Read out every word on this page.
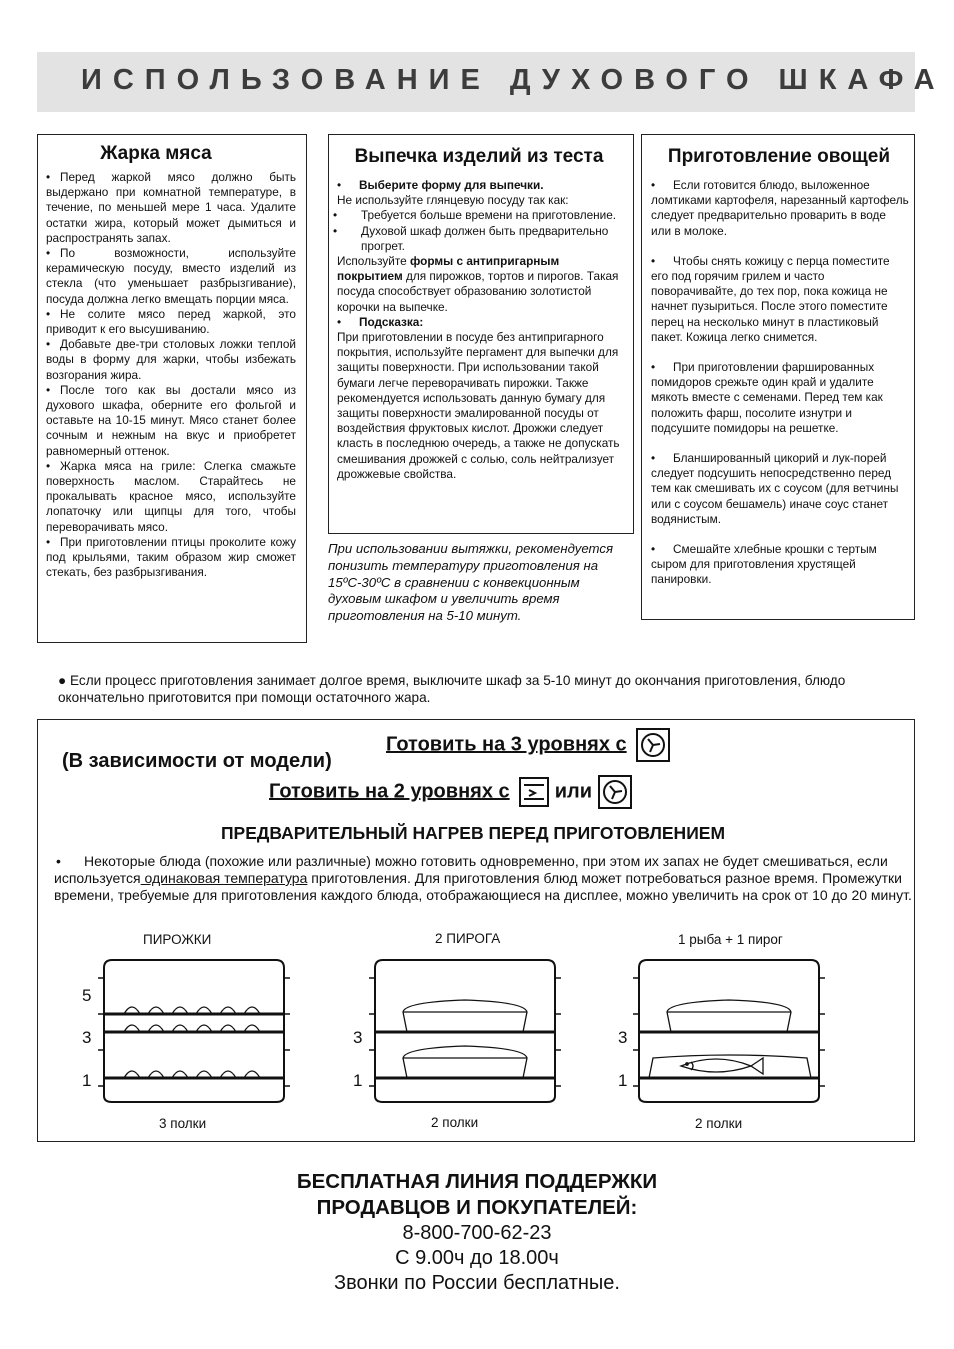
ИСПОЛЬЗОВАНИЕ ДУХОВОГО ШКАФА
Жарка мяса

• Перед жаркой мясо должно быть выдержано при комнатной температуре, в течение, по меньшей мере 1 часа. Удалите остатки жира, который может дымиться и распространять запах.

• По возможности, используйте керамическую посуду, вместо изделий из стекла (что уменьшает разбрызгивание), посуда должна легко вмещать порции мяса.

• Не солите мясо перед жаркой, это приводит к его высушиванию.

• Добавьте две-три столовых ложки теплой воды в форму для жарки, чтобы избежать возгорания жира.

• После того как вы достали мясо из духового шкафа, оберните его фольгой и оставьте на 10-15 минут. Мясо станет более сочным и нежным на вкус и приобретет равномерный оттенок.

• Жарка мяса на гриле: Слегка смажьте поверхность маслом. Старайтесь не прокалывать красное мясо, используйте лопаточку или щипцы для того, чтобы переворачивать мясо.

• При приготовлении птицы проколите кожу под крыльями, таким образом жир сможет стекать, без разбрызгивания.

Выпечка изделий из теста

• Выберите форму для выпечки.

Не используйте глянцевую посуду так как:

• Требуется больше времени на приготовление.

• Духовой шкаф должен быть предварительно прогрет.

Используйте формы с антипригарным покрытием для пирожков, тортов и пирогов. Такая посуда способствует образованию золотистой корочки на выпечке.

• Подсказка:

При приготовлении в посуде без антипригарного покрытия, используйте пергамент для выпечки для защиты поверхности. При использовании такой бумаги легче переворачивать пирожки. Также рекомендуется использовать данную бумагу для защиты поверхности эмалированной посуды от воздействия фруктовых кислот. Дрожжи следует класть в последнюю очередь, а также не допускать смешивания дрожжей с солью, соль нейтрализует дрожжевые свойства.

При использовании вытяжки, рекомендуется понизить температуру приготовления на 15ºC-30ºC в сравнении с конвекционным духовым шкафом и увеличить время приготовления на 5-10 минут.
Приготовление овощей

• Если готовится блюдо, выложенное ломтиками картофеля, нарезанный картофель следует предварительно проварить в воде или в молоке.

• Чтобы снять кожицу с перца поместите его под горячим грилем и часто поворачивайте, до тех пор, пока кожица не начнет пузыриться. После этого поместите перец на несколько минут в пластиковый пакет. Кожица легко снимется.

• При приготовлении фаршированных помидоров срежьте один край и удалите мякоть вместе с семенами. Перед тем как положить фарш, посолите изнутри и подсушите помидоры на решетке.

• Бланшированный цикорий и лук-порей следует подсушить непосредственно перед тем как смешивать их с соусом (для ветчины или с соусом бешамель) иначе соус станет водянистым.

• Смешайте хлебные крошки с тертым сыром для приготовления хрустящей панировки.

● Если процесс приготовления занимает долгое время, выключите шкаф за 5-10 минут до окончания приготовления, блюдо окончательно приготовится при помощи остаточного жара.
(В зависимости от модели)
Готовить на 3 уровнях с
Готовить на 2 уровнях с или
ПРЕДВАРИТЕЛЬНЫЙ НАГРЕВ ПЕРЕД ПРИГОТОВЛЕНИЕМ
• Некоторые блюда (похожие или различные) можно готовить одновременно, при этом их запах не будет смешиваться, если используется одинаковая температура приготовления. Для приготовления блюд может потребоваться разное время. Промежутки времени, требуемые для приготовления каждого блюда, отображающиеся на дисплее, можно увеличить на срок от 10 до 20 минут.
ПИРОЖКИ
5
3
1
3 полки
2 ПИРОГА
3
1
2 полки
1 рыба + 1 пирог
3
1
2 полки
БЕСПЛАТНАЯ ЛИНИЯ ПОДДЕРЖКИ
ПРОДАВЦОВ И ПОКУПАТЕЛЕЙ:
8-800-700-62-23
С 9.00ч до 18.00ч
Звонки по России бесплатные.
